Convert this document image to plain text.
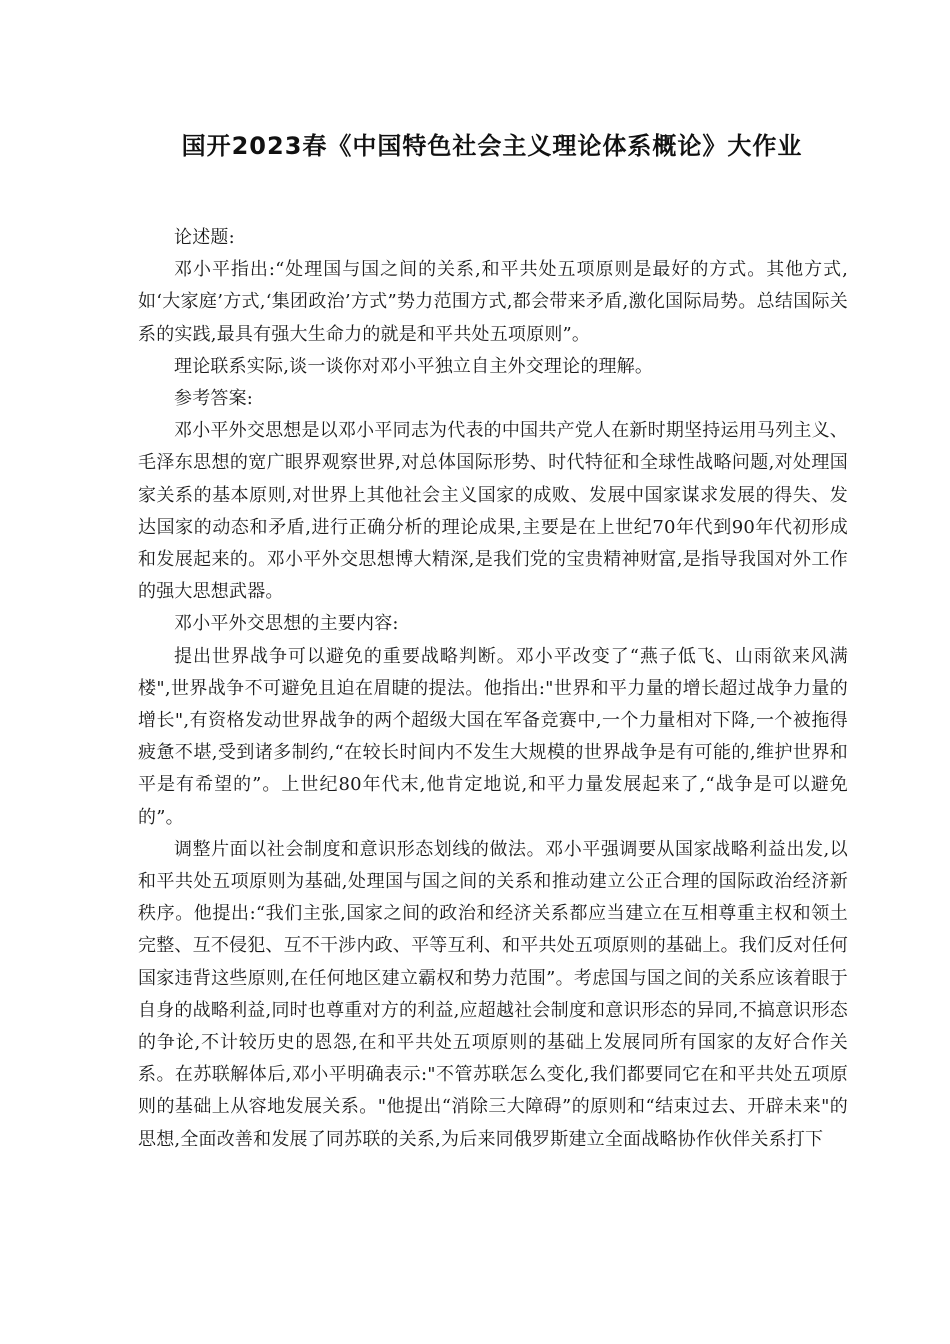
国开2023春《中国特色社会主义理论体系概论》大作业

论述题:

邓小平指出:“处理国与国之间的关系,和平共处五项原则是最好的方式。其他方式,如‘大家庭’方式,‘集团政治’方式”势力范围方式,都会带来矛盾,激化国际局势。总结国际关系的实践,最具有强大生命力的就是和平共处五项原则”。

理论联系实际,谈一谈你对邓小平独立自主外交理论的理解。

参考答案:

邓小平外交思想是以邓小平同志为代表的中国共产党人在新时期坚持运用马列主义、毛泽东思想的宽广眼界观察世界,对总体国际形势、时代特征和全球性战略问题,对处理国家关系的基本原则,对世界上其他社会主义国家的成败、发展中国家谋求发展的得失、发达国家的动态和矛盾,进行正确分析的理论成果,主要是在上世纪70年代到90年代初形成和发展起来的。邓小平外交思想博大精深,是我们党的宝贵精神财富,是指导我国对外工作的强大思想武器。

邓小平外交思想的主要内容:

提出世界战争可以避免的重要战略判断。邓小平改变了“燕子低飞、山雨欲来风满楼",世界战争不可避免且迫在眉睫的提法。他指出:"世界和平力量的增长超过战争力量的增长",有资格发动世界战争的两个超级大国在军备竞赛中,一个力量相对下降,一个被拖得疲惫不堪,受到诸多制约,“在较长时间内不发生大规模的世界战争是有可能的,维护世界和平是有希望的”。上世纪80年代末,他肯定地说,和平力量发展起来了,“战争是可以避免的”。

调整片面以社会制度和意识形态划线的做法。邓小平强调要从国家战略利益出发,以和平共处五项原则为基础,处理国与国之间的关系和推动建立公正合理的国际政治经济新秩序。他提出:“我们主张,国家之间的政治和经济关系都应当建立在互相尊重主权和领土完整、互不侵犯、互不干涉内政、平等互利、和平共处五项原则的基础上。我们反对任何国家违背这些原则,在任何地区建立霸权和势力范围”。考虑国与国之间的关系应该着眼于自身的战略利益,同时也尊重对方的利益,应超越社会制度和意识形态的异同,不搞意识形态的争论,不计较历史的恩怨,在和平共处五项原则的基础上发展同所有国家的友好合作关系。在苏联解体后,邓小平明确表示:"不管苏联怎么变化,我们都要同它在和平共处五项原则的基础上从容地发展关系。"他提出“消除三大障碍”的原则和“结束过去、开辟未来"的思想,全面改善和发展了同苏联的关系,为后来同俄罗斯建立全面战略协作伙伴关系打下
